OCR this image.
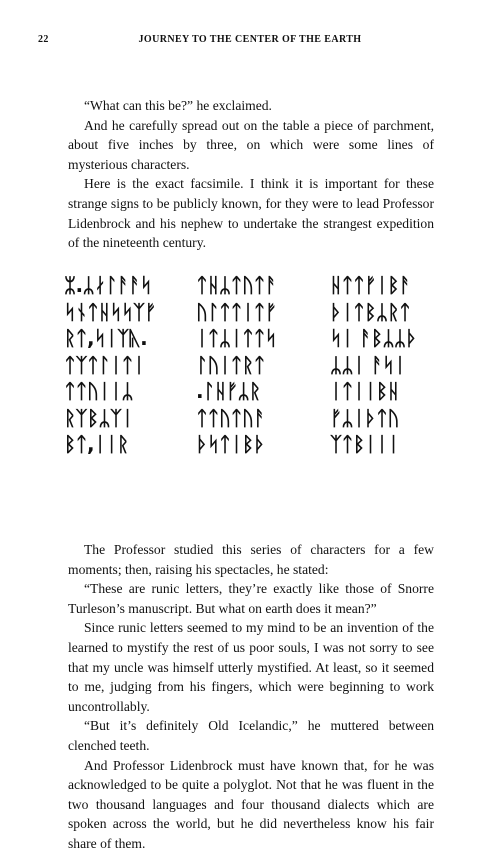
22	JOURNEY TO THE CENTER OF THE EARTH

“What can this be?” he exclaimed.

And he carefully spread out on the table a piece of parchment, about five inches by three, on which were some lines of mysterious characters.

Here is the exact facsimile. I think it is important for these strange signs to be publicly known, for they were to lead Professor Lidenbrock and his nephew to undertake the strangest expedition of the nineteenth century.

ᛯ.ᛦᛅᛚᚨᚨᛋ
ᛋᚾᛏᚺᛋᛋᛉᚠ
ᚱᛏ,ᛋᛁᛉᚣ.
ᛏᛉᛏᛚᛁᛏᛁ
ᛏᛏᚢᛁᛁᛦ
ᚱᛉᛒᛦᛉᛁ
ᛒᛏ,ᛁᛁᚱ
ᛏᚺᛦᛏᚢᛏᚨ
ᚢᛚᛏᛏᛁᛏᚠ
ᛁᛏᛦᛁᛏᛏᛋ
ᛚᚢᛁᛏᚱᛏ
.ᛚᚺᚠᛦᚱ
ᛏᛏᚢᛏᚢᚨ
ᚦᛋᛏᛁᛒᚦ
ᚺᛏᛏᚠᛁᛒᚨ
ᚦᛁᛏᛒᛦᚱᛏ
ᛋᛁ ᚨᛒᛦᛦᚦ
ᛦᛦᛁ ᚨᛋᛁ
ᛁᛏᛁᛁᛒᚺ
ᚠᛦᛁᚦᛏᚢ
ᛉᛏᛒᛁᛁᛁ

The Professor studied this series of characters for a few moments; then, raising his spectacles, he stated:

“These are runic letters, they’re exactly like those of Snorre Turleson’s manuscript. But what on earth does it mean?”

Since runic letters seemed to my mind to be an invention of the learned to mystify the rest of us poor souls, I was not sorry to see that my uncle was himself utterly mystified. At least, so it seemed to me, judging from his fingers, which were beginning to work uncontrollably.

“But it’s definitely Old Icelandic,” he muttered between clenched teeth.

And Professor Lidenbrock must have known that, for he was acknowledged to be quite a polyglot. Not that he was fluent in the two thousand languages and four thousand dialects which are spoken across the world, but he did nevertheless know his fair share of them.
